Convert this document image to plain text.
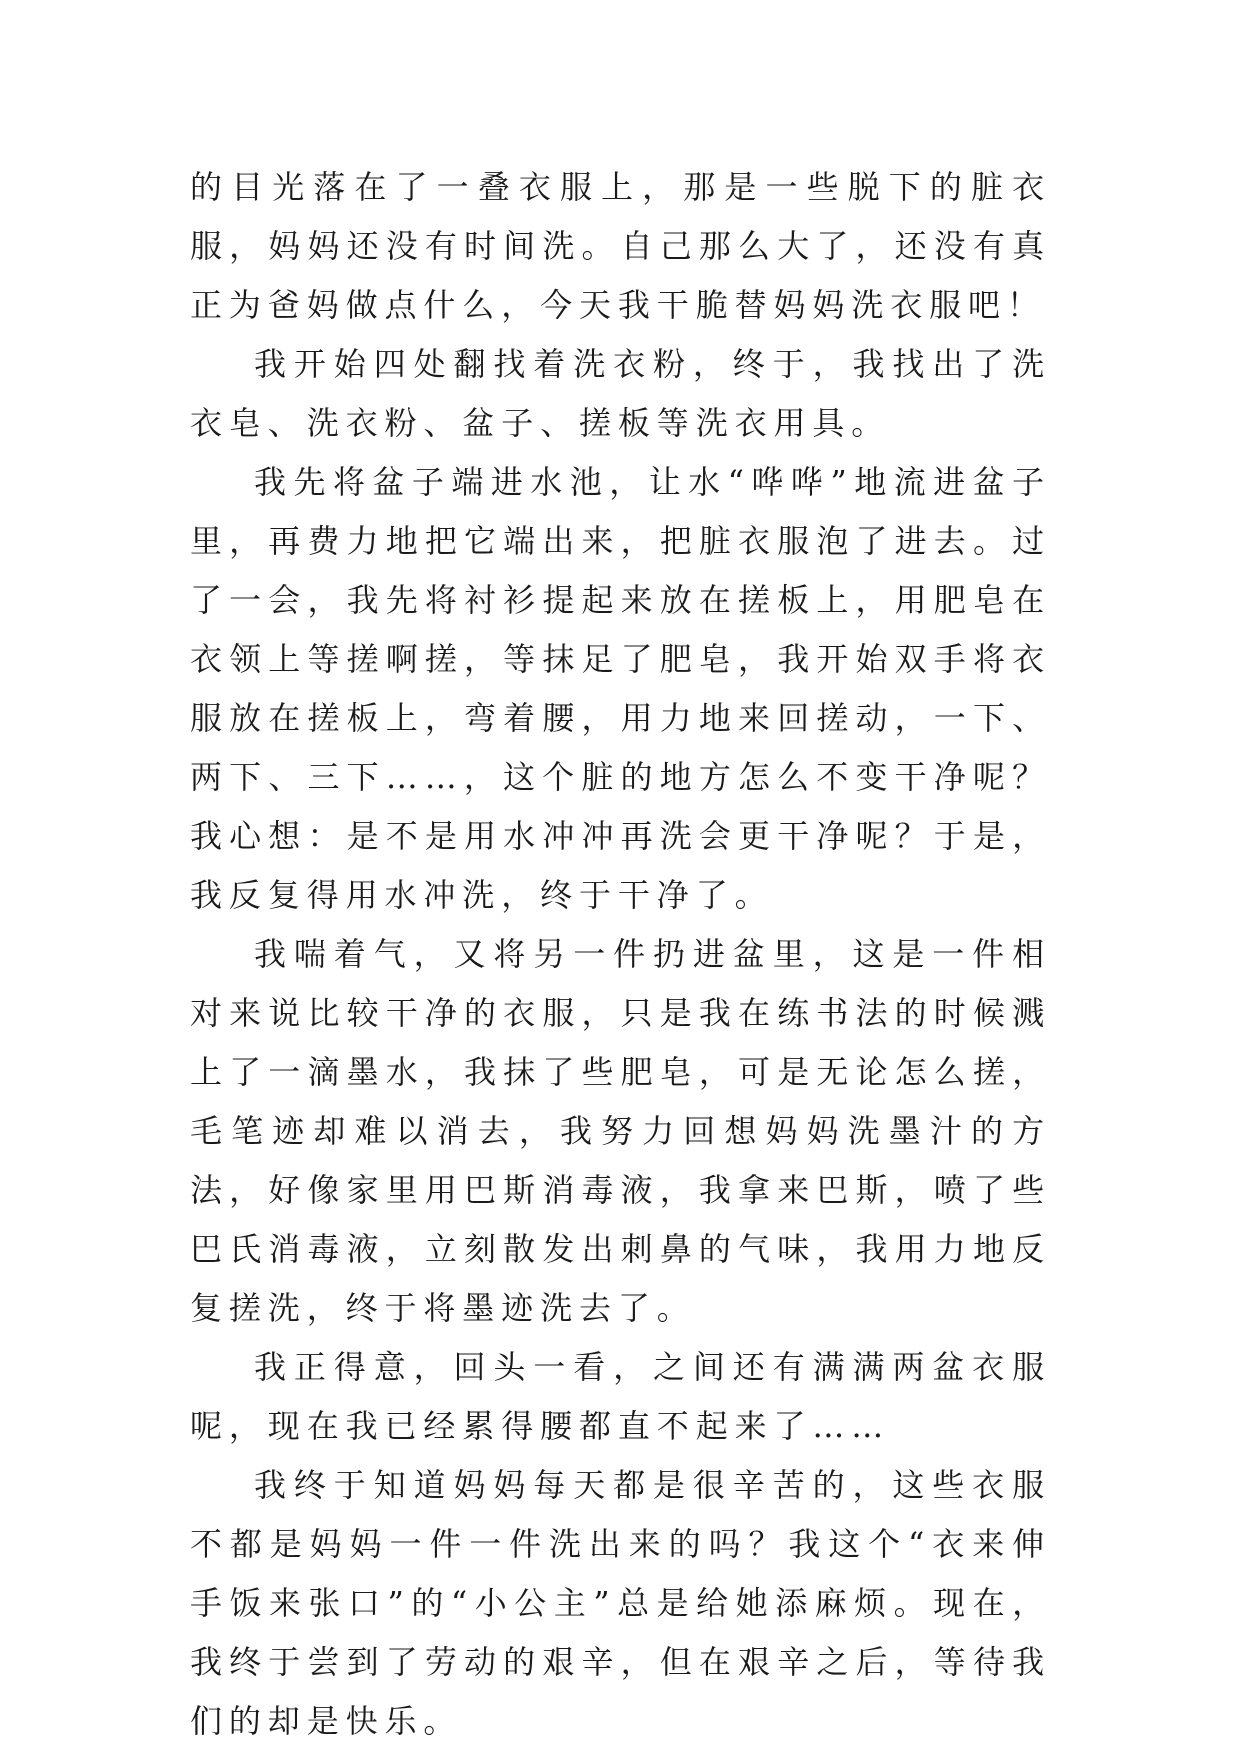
的目光落在了一叠衣服上，那是一些脱下的脏衣服，妈妈还没有时间洗。自己那么大了，还没有真正为爸妈做点什么，今天我干脆替妈妈洗衣服吧！

我开始四处翻找着洗衣粉，终于，我找出了洗衣皂、洗衣粉、盆子、搓板等洗衣用具。

我先将盆子端进水池，让水“哗哗”地流进盆子里，再费力地把它端出来，把脏衣服泡了进去。过了一会，我先将衬衫提起来放在搓板上，用肥皂在衣领上等搓啊搓，等抹足了肥皂，我开始双手将衣服放在搓板上，弯着腰，用力地来回搓动，一下、两下、三下……，这个脏的地方怎么不变干净呢？我心想：是不是用水冲冲再洗会更干净呢？于是，我反复得用水冲洗，终于干净了。

我喘着气，又将另一件扔进盆里，这是一件相对来说比较干净的衣服，只是我在练书法的时候溅上了一滴墨水，我抹了些肥皂，可是无论怎么搓，毛笔迹却难以消去，我努力回想妈妈洗墨汁的方法，好像家里用巴斯消毒液，我拿来巴斯，喷了些巴氏消毒液，立刻散发出刺鼻的气味，我用力地反复搓洗，终于将墨迹洗去了。

我正得意，回头一看，之间还有满满两盆衣服呢，现在我已经累得腰都直不起来了……

我终于知道妈妈每天都是很辛苦的，这些衣服不都是妈妈一件一件洗出来的吗？我这个“衣来伸手饭来张口”的“小公主”总是给她添麻烦。现在，我终于尝到了劳动的艰辛，但在艰辛之后，等待我们的却是快乐。
